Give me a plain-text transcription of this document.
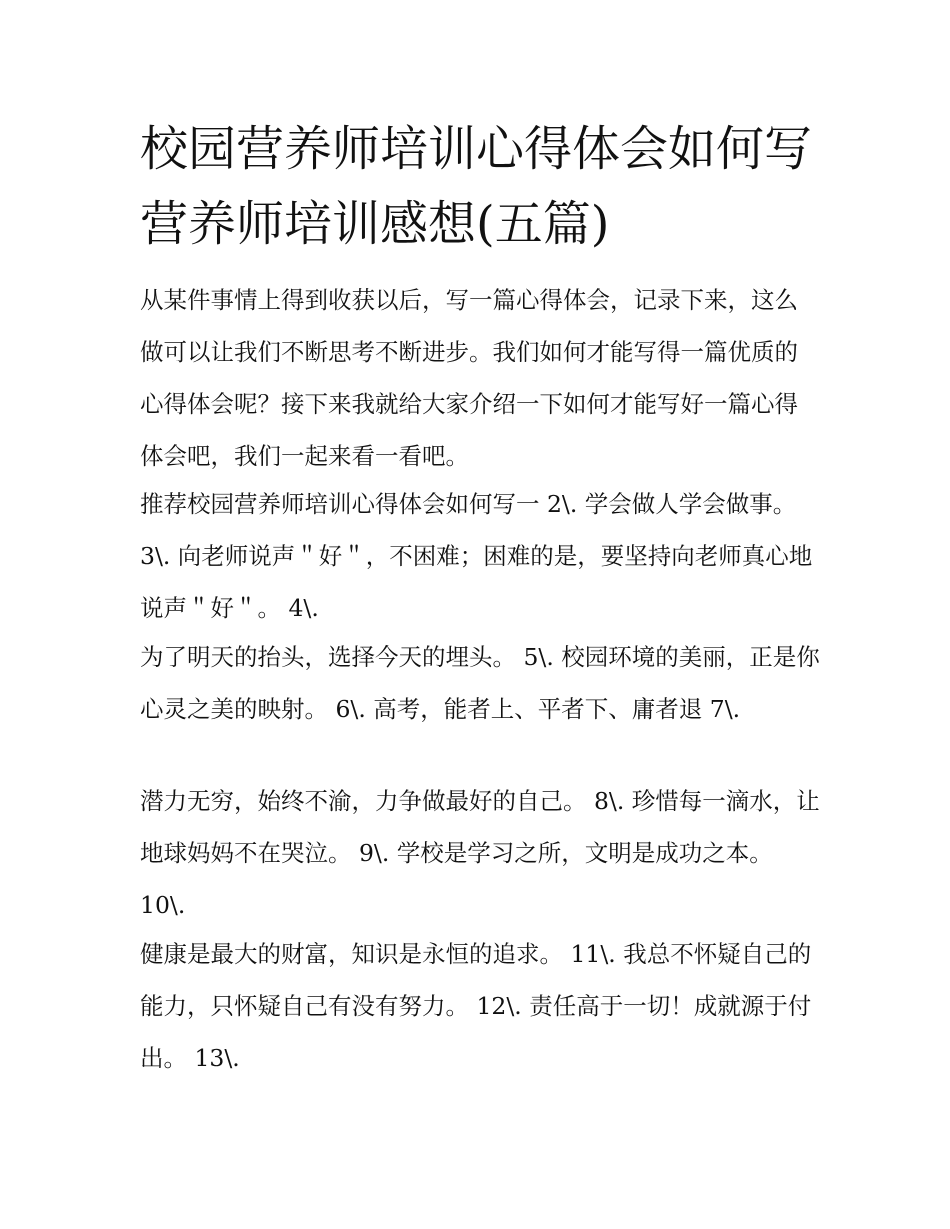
校园营养师培训心得体会如何写 营养师培训感想(五篇)

从某件事情上得到收获以后，写一篇心得体会，记录下来，这么做可以让我们不断思考不断进步。我们如何才能写得一篇优质的心得体会呢？接下来我就给大家介绍一下如何才能写好一篇心得体会吧，我们一起来看一看吧。

推荐校园营养师培训心得体会如何写一 2\. 学会做人学会做事。 3\. 向老师说声＂好＂，不困难；困难的是，要坚持向老师真心地说声＂好＂。 4\.

为了明天的抬头，选择今天的埋头。 5\. 校园环境的美丽，正是你心灵之美的映射。 6\. 高考，能者上、平者下、庸者退 7\.

潜力无穷，始终不渝，力争做最好的自己。 8\. 珍惜每一滴水，让地球妈妈不在哭泣。 9\. 学校是学习之所，文明是成功之本。 10\.

健康是最大的财富，知识是永恒的追求。 11\. 我总不怀疑自己的能力，只怀疑自己有没有努力。 12\. 责任高于一切！成就源于付出。 13\.
